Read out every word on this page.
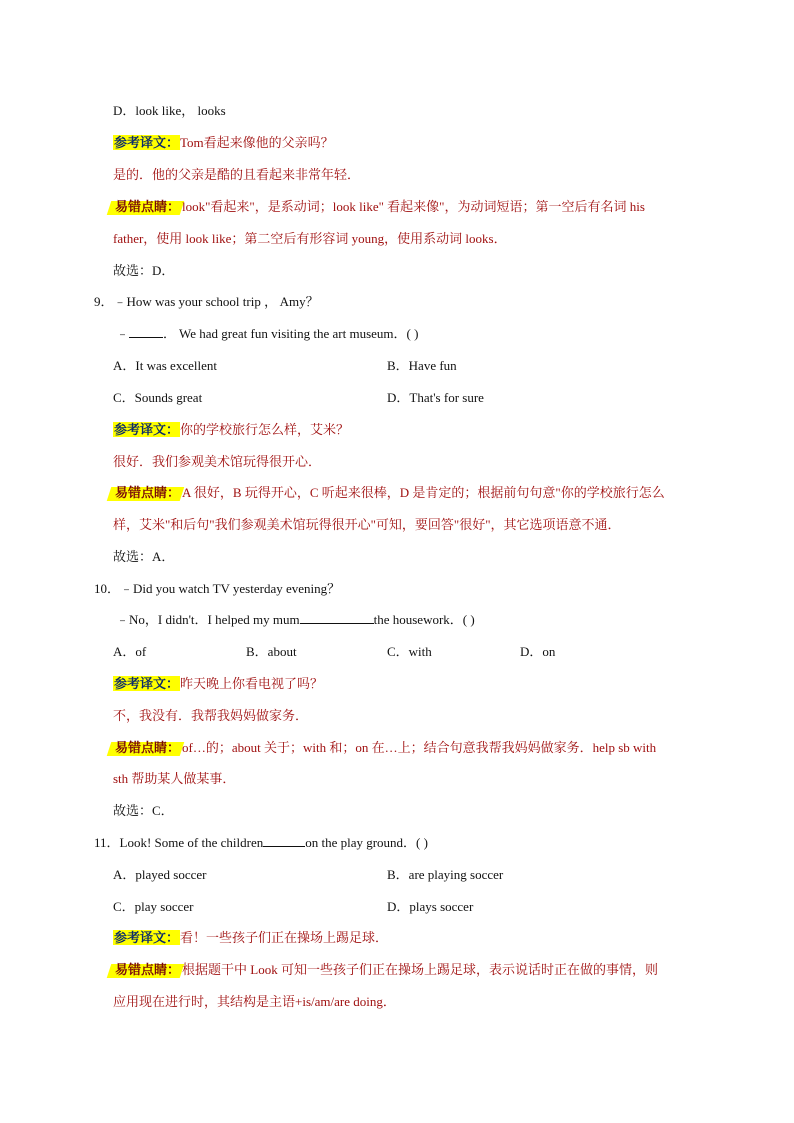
D．look like， looks
参考译文：Tom看起来像他的父亲吗？
是的．他的父亲是酷的且看起来非常年轻．
易错点睛： look"看起来"，是系动词；look like" 看起来像"，为动词短语；第一空后有名词 his
father，使用 look like；第二空后有形容词 young，使用系动词 looks．
故选：D．
9．﹣How was your school trip ， Amy？
﹣	． We had great fun visiting the art museum．( )
A．It was excellent	B．Have fun
C．Sounds great	D．That's for sure
参考译文：你的学校旅行怎么样，艾米？
很好．我们参观美术馆玩得很开心．
易错点睛： A 很好，B 玩得开心，C 听起来很棒，D 是肯定的；根据前句句意"你的学校旅行怎么
样，艾米"和后句"我们参观美术馆玩得很开心"可知，要回答"很好"，其它选项语意不通．
故选：A．
10．﹣Did you watch TV yesterday evening？
﹣No，I didn't．I helped my mum	the housework．( )
A．of	B．about	C．with	D．on
参考译文：昨天晚上你看电视了吗？
不，我没有．我帮我妈妈做家务．
易错点睛： of…的；about 关于；with 和；on 在…上；结合句意我帮我妈妈做家务．help sb with
sth 帮助某人做某事．
故选：C．
11．Look! Some of the children	on the play ground．( )
A．played soccer	B．are playing soccer
C．play soccer	D．plays soccer
参考译文：看！一些孩子们正在操场上踢足球．
易错点睛： 根据题干中 Look 可知一些孩子们正在操场上踢足球，表示说话时正在做的事情，则
应用现在进行时，其结构是主语+is/am/are doing．
